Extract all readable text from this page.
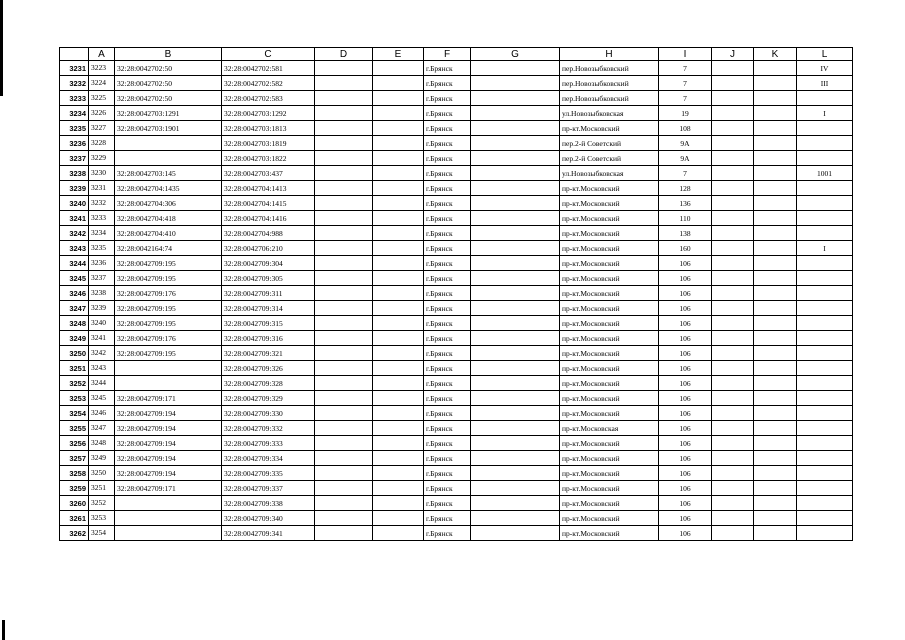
	A	B	C	D	E	F	G	H	I	J	K	L
3231	3223	32:28:0042702:50	32:28:0042702:581			г.Брянск		пер.Новозыбковский	7			IV
3232	3224	32:28:0042702:50	32:28:0042702:582			г.Брянск		пер.Новозыбковский	7			III
3233	3225	32:28:0042702:50	32:28:0042702:583			г.Брянск		пер.Новозыбковский	7			
3234	3226	32:28:0042703:1291	32:28:0042703:1292			г.Брянск		ул.Новозыбковская	19			I
3235	3227	32:28:0042703:1901	32:28:0042703:1813			г.Брянск		пр-кт.Московский	108			
3236	3228		32:28:0042703:1819			г.Брянск		пер.2-й Советский	9А			
3237	3229		32:28:0042703:1822			г.Брянск		пер.2-й Советский	9А			
3238	3230	32:28:0042703:145	32:28:0042703:437			г.Брянск		ул.Новозыбковская	7			1001
3239	3231	32:28:0042704:1435	32:28:0042704:1413			г.Брянск		пр-кт.Московский	128			
3240	3232	32:28:0042704:306	32:28:0042704:1415			г.Брянск		пр-кт.Московский	136			
3241	3233	32:28:0042704:418	32:28:0042704:1416			г.Брянск		пр-кт.Московский	110			
3242	3234	32:28:0042704:410	32:28:0042704:988			г.Брянск		пр-кт.Московский	138			
3243	3235	32:28:0042164:74	32:28:0042706:210			г.Брянск		пр-кт.Московский	160			I
3244	3236	32:28:0042709:195	32:28:0042709:304			г.Брянск		пр-кт.Московский	106			
3245	3237	32:28:0042709:195	32:28:0042709:305			г.Брянск		пр-кт.Московский	106			
3246	3238	32:28:0042709:176	32:28:0042709:311			г.Брянск		пр-кт.Московский	106			
3247	3239	32:28:0042709:195	32:28:0042709:314			г.Брянск		пр-кт.Московский	106			
3248	3240	32:28:0042709:195	32:28:0042709:315			г.Брянск		пр-кт.Московский	106			
3249	3241	32:28:0042709:176	32:28:0042709:316			г.Брянск		пр-кт.Московский	106			
3250	3242	32:28:0042709:195	32:28:0042709:321			г.Брянск		пр-кт.Московский	106			
3251	3243		32:28:0042709:326			г.Брянск		пр-кт.Московский	106			
3252	3244		32:28:0042709:328			г.Брянск		пр-кт.Московский	106			
3253	3245	32:28:0042709:171	32:28:0042709:329			г.Брянск		пр-кт.Московский	106			
3254	3246	32:28:0042709:194	32:28:0042709:330			г.Брянск		пр-кт.Московский	106			
3255	3247	32:28:0042709:194	32:28:0042709:332			г.Брянск		пр-кт.Московская	106			
3256	3248	32:28:0042709:194	32:28:0042709:333			г.Брянск		пр-кт.Московский	106			
3257	3249	32:28:0042709:194	32:28:0042709:334			г.Брянск		пр-кт.Московский	106			
3258	3250	32:28:0042709:194	32:28:0042709:335			г.Брянск		пр-кт.Московский	106			
3259	3251	32:28:0042709:171	32:28:0042709:337			г.Брянск		пр-кт.Московский	106			
3260	3252		32:28:0042709:338			г.Брянск		пр-кт.Московский	106			
3261	3253		32:28:0042709:340			г.Брянск		пр-кт.Московский	106			
3262	3254		32:28:0042709:341			г.Брянск		пр-кт.Московский	106			
